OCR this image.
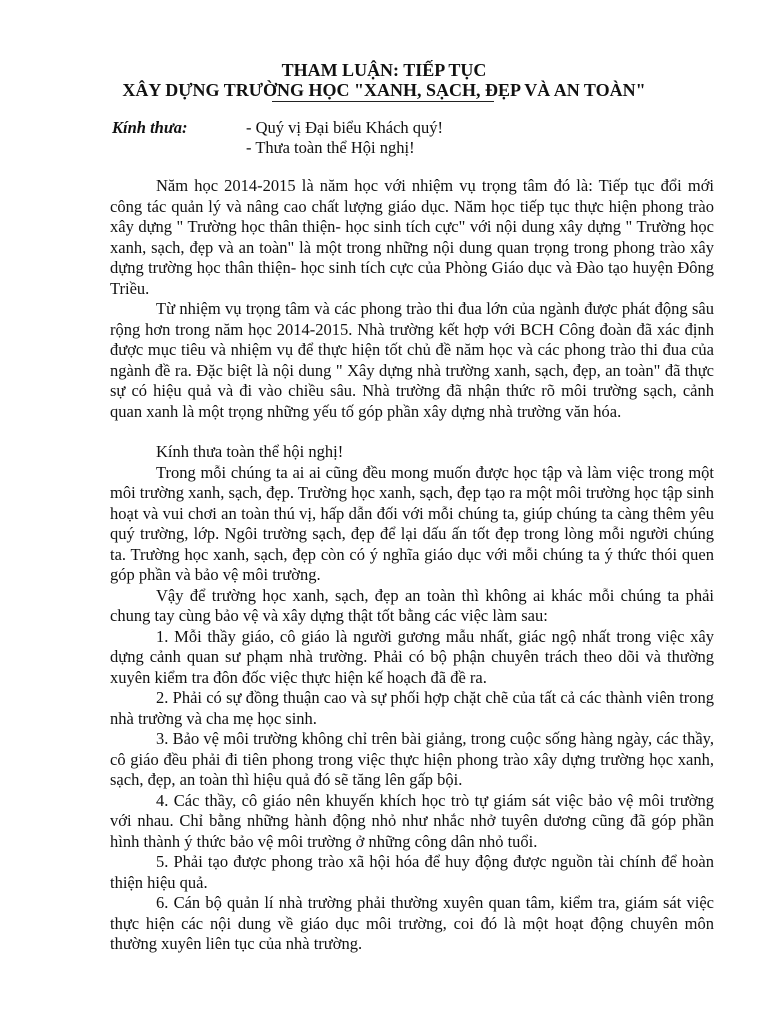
THAM LUẬN: TIẾP TỤC
XÂY DỰNG TRƯỜNG HỌC "XANH, SẠCH, ĐẸP VÀ AN TOÀN"
Kính thưa:	- Quý vị Đại biểu Khách quý!
- Thưa toàn thể Hội nghị!

Năm học 2014-2015 là năm học với nhiệm vụ trọng tâm đó là: Tiếp tục đổi mới công tác quản lý và nâng cao chất lượng giáo dục. Năm học tiếp tục thực hiện phong trào xây dựng " Trường học thân thiện- học sinh tích cực" với nội dung xây dựng " Trường học xanh, sạch, đẹp và an toàn" là một trong những nội dung quan trọng trong phong trào xây dựng trường học thân thiện- học sinh tích cực của Phòng Giáo dục và Đào tạo huyện Đông Triều.

Từ nhiệm vụ trọng tâm và các phong trào thi đua lớn của ngành được phát động sâu rộng hơn trong năm học 2014-2015. Nhà trường kết hợp với BCH Công đoàn đã xác định được mục tiêu và nhiệm vụ để thực hiện tốt chủ đề năm học và các phong trào thi đua của ngành đề ra. Đặc biệt là nội dung " Xây dựng nhà trường xanh, sạch, đẹp, an toàn" đã thực sự có hiệu quả và đi vào chiều sâu. Nhà trường đã nhận thức rõ môi trường sạch, cảnh quan xanh là một trọng những yếu tố góp phần xây dựng nhà trường văn hóa.

Kính thưa toàn thể hội nghị!

Trong mỗi chúng ta ai ai cũng đều mong muốn được học tập và làm việc trong một môi trường xanh, sạch, đẹp. Trường học xanh, sạch, đẹp tạo ra một môi trường học tập sinh hoạt và vui chơi an toàn thú vị, hấp dẫn đối với mỗi chúng ta, giúp chúng ta càng thêm yêu quý trường, lớp. Ngôi trường sạch, đẹp để lại dấu ấn tốt đẹp trong lòng mỗi người chúng ta. Trường học xanh, sạch, đẹp còn có ý nghĩa giáo dục với mỗi chúng ta ý thức thói quen góp phần và bảo vệ môi trường.

Vậy để trường học xanh, sạch, đẹp an toàn thì không ai khác mỗi chúng ta phải chung tay cùng bảo vệ và xây dựng thật tốt bằng các việc làm sau:

1. Mỗi thầy giáo, cô giáo là người gương mẫu nhất, giác ngộ nhất trong việc xây dựng cảnh quan sư phạm nhà trường. Phải có bộ phận chuyên trách theo dõi và thường xuyên kiểm tra đôn đốc việc thực hiện kế hoạch đã đề ra.

2. Phải có sự đồng thuận cao và sự phối hợp chặt chẽ của tất cả các thành viên trong nhà trường và cha mẹ học sinh.

3. Bảo vệ môi trường không chỉ trên bài giảng, trong cuộc sống hàng ngày, các thầy, cô giáo đều phải đi tiên phong trong việc thực hiện phong trào xây dựng trường học xanh, sạch, đẹp, an toàn thì hiệu quả đó sẽ tăng lên gấp bội.

4. Các thầy, cô giáo nên khuyến khích học trò tự giám sát việc bảo vệ môi trường với nhau. Chỉ bằng những hành động nhỏ như nhắc nhở tuyên dương cũng đã góp phần hình thành ý thức bảo vệ môi trường ở những công dân nhỏ tuổi.

5. Phải tạo được phong trào xã hội hóa để huy động được nguồn tài chính để hoàn thiện hiệu quả.

6. Cán bộ quản lí nhà trường phải thường xuyên quan tâm, kiểm tra, giám sát việc thực hiện các nội dung về giáo dục môi trường, coi đó là một hoạt động chuyên môn thường xuyên liên tục của nhà trường.
